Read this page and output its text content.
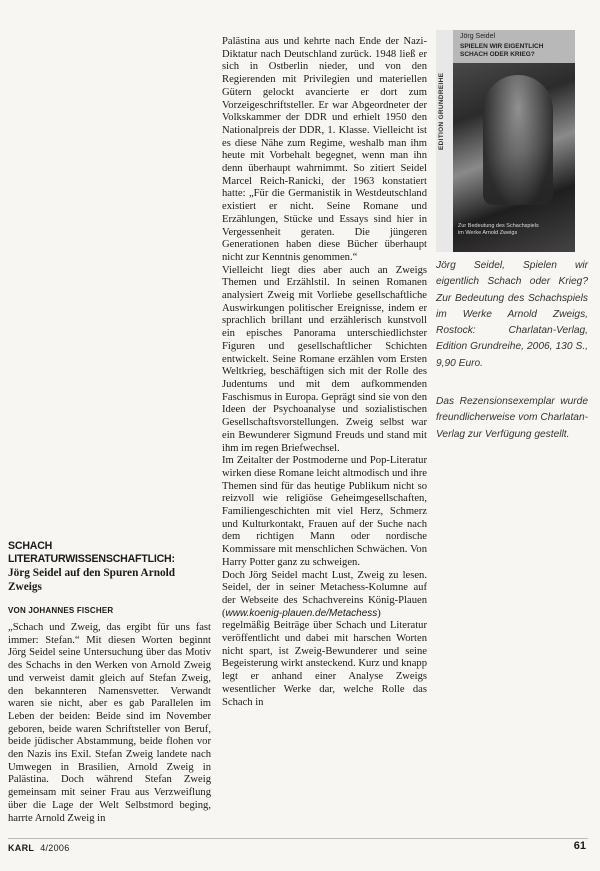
SCHACH LITERATURWISSENSCHAFTLICH:
Jörg Seidel auf den Spuren Arnold Zweigs
VON JOHANNES FISCHER

„Schach und Zweig, das ergibt für uns fast immer: Stefan.“ Mit diesen Worten beginnt Jörg Seidel seine Untersuchung über das Motiv des Schachs in den Werken von Arnold Zweig und verweist damit gleich auf Stefan Zweig, den bekannteren Namensvetter. Verwandt waren sie nicht, aber es gab Parallelen im Leben der beiden: Beide sind im November geboren, beide waren Schriftsteller von Beruf, beide jüdischer Abstammung, beide flohen vor den Nazis ins Exil. Stefan Zweig landete nach Umwegen in Brasilien, Arnold Zweig in Palästina. Doch während Stefan Zweig gemeinsam mit seiner Frau aus Verzweiflung über die Lage der Welt Selbstmord beging, harrte Arnold Zweig in

Palästina aus und kehrte nach Ende der Nazi-Diktatur nach Deutschland zurück. 1948 ließ er sich in Ostberlin nieder, und von den Regierenden mit Privilegien und materiellen Gütern gelockt avancierte er dort zum Vorzeigeschriftsteller. Er war Abgeordneter der Volkskammer der DDR und erhielt 1950 den Nationalpreis der DDR, 1. Klasse. Vielleicht ist es diese Nähe zum Regime, weshalb man ihm heute mit Vorbehalt begegnet, wenn man ihn denn überhaupt wahrnimmt. So zitiert Seidel Marcel Reich-Ranicki, der 1963 konstatiert hatte: „Für die Germanistik in Westdeutschland existiert er nicht. Seine Romane und Erzählungen, Stücke und Essays sind hier in Vergessenheit geraten. Die jüngeren Generationen haben diese Bücher überhaupt nicht zur Kenntnis genommen.“

Vielleicht liegt dies aber auch an Zweigs Themen und Erzählstil. In seinen Romanen analysiert Zweig mit Vorliebe gesellschaftliche Auswirkungen politischer Ereignisse, indem er sprachlich brillant und erzählerisch kunstvoll ein episches Panorama unterschiedlichster Figuren und gesellschaftlicher Schichten entwickelt. Seine Romane erzählen vom Ersten Weltkrieg, beschäftigen sich mit der Rolle des Judentums und mit dem aufkommenden Faschismus in Europa. Geprägt sind sie von den Ideen der Psychoanalyse und sozialistischen Gesellschaftsvorstellungen. Zweig selbst war ein Bewunderer Sigmund Freuds und stand mit ihm im regen Briefwechsel.

Im Zeitalter der Postmoderne und Pop-Literatur wirken diese Romane leicht altmodisch und ihre Themen sind für das heutige Publikum nicht so reizvoll wie religiöse Geheimgesellschaften, Familiengeschichten mit viel Herz, Schmerz und Kulturkontakt, Frauen auf der Suche nach dem richtigen Mann oder nordische Kommissare mit menschlichen Schwächen. Von Harry Potter ganz zu schweigen.

Doch Jörg Seidel macht Lust, Zweig zu lesen. Seidel, der in seiner Metachess-Kolumne auf der Webseite des Schachvereins König-Plauen (www.koenig-plauen.de/Metachess) regelmäßig Beiträge über Schach und Literatur veröffentlicht und dabei mit harschen Worten nicht spart, ist Zweig-Bewunderer und seine Begeisterung wirkt ansteckend. Kurz und knapp legt er anhand einer Analyse Zweigs wesentlicher Werke dar, welche Rolle das Schach in

EDITION GRUNDREIHE
Jörg Seidel
SPIELEN WIR EIGENTLICH SCHACH ODER KRIEG?
Zur Bedeutung des Schachspiels
im Werke Arnold Zweigs

Jörg Seidel, Spielen wir eigentlich Schach oder Krieg? Zur Bedeutung des Schachspiels im Werke Arnold Zweigs, Rostock: Charlatan-Verlag, Edition Grundreihe, 2006, 130 S., 9,90 Euro.

Das Rezensionsexemplar wurde freundlicherweise vom Charlatan-Verlag zur Verfügung gestellt.

KARL 4/2006	61
